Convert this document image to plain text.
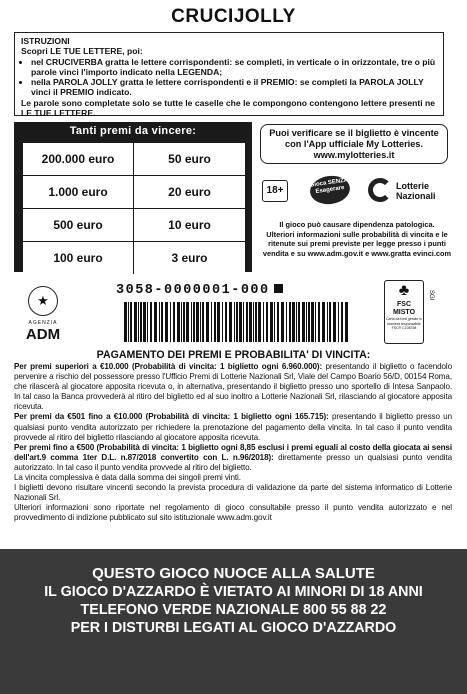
CRUCIJOLLY
ISTRUZIONI
Scopri LE TUE LETTERE, poi:
• nel CRUCIVERBA gratta le lettere corrispondenti: se completi, in verticale o in orizzontale, tre o più parole vinci l'importo indicato nella LEGENDA;
• nella PAROLA JOLLY gratta le lettere corrispondenti e il PREMIO: se completi la PAROLA JOLLY vinci il PREMIO indicato.
Le parole sono completate solo se tutte le caselle che le compongono contengono lettere presenti ne LE TUE LETTERE.
Tanti premi da vincere:
200.000 euro	50 euro
1.000 euro	20 euro
500 euro	10 euro
100 euro	3 euro
Puoi verificare se il biglietto è vincente
con l'App ufficiale My Lotteries.
www.mylotteries.it
18+
Gioca SENZA Esagerare	Lotterie
Nazionali
Il gioco può causare dipendenza patologica.
Ulteriori informazioni sulle probabilità di vincita e le ritenute sui premi previste per legge presso i punti vendita e su www.adm.gov.it e www.gratta evinci.com
★
AGENZIA
ADM
3058-0000001-000	♣
FSC
MISTO
Carta da fonti gestite in maniera responsabile
FSC® C108758
SGI
PAGAMENTO DEI PREMI E PROBABILITA' DI VINCITA:

Per premi superiori a €10.000 (Probabilità di vincita: 1 biglietto ogni 6.960.000): presentando il biglietto o facendolo pervenire a rischio del possessore presso l'Ufficio Premi di Lotterie Nazionali Srl, Viale del Campo Boario 56/D, 00154 Roma, che rilascerà al giocatore apposita ricevuta o, in alternativa, presentando il biglietto presso uno sportello di Intesa Sanpaolo. In tal caso la Banca provvederà al ritiro del biglietto ed al suo inoltro a Lotterie Nazionali Srl, rilasciando al giocatore apposita ricevuta.

Per premi da €501 fino a €10.000 (Probabilità di vincita: 1 biglietto ogni 165.715): presentando il biglietto presso un qualsiasi punto vendita autorizzato per richiedere la prenotazione del pagamento della vincita. In tal caso il punto vendita provvede al ritiro del biglietto rilasciando al giocatore apposita ricevuta.

Per premi fino a €500 (Probabilità di vincita: 1 biglietto ogni 8,85 esclusi i premi eguali al costo della giocata ai sensi dell'art.9 comma 1ter D.L. n.87/2018 convertito con L. n.96/2018): direttamente presso un qualsiasi punto vendita autorizzato. In tal caso il punto vendita provvede al ritiro del biglietto.

La vincita complessiva è data dalla somma dei singoli premi vinti.

I biglietti devono risultare vincenti secondo la prevista procedura di validazione da parte del sistema informatico di Lotterie Nazionali Srl.

Ulteriori informazioni sono riportate nel regolamento di gioco consultabile presso il punto vendita autorizzato e nel provvedimento di indizione pubblicato sul sito istituzionale www.adm.gov.it

QUESTO GIOCO NUOCE ALLA SALUTE
IL GIOCO D'AZZARDO È VIETATO AI MINORI DI 18 ANNI
TELEFONO VERDE NAZIONALE 800 55 88 22
PER I DISTURBI LEGATI AL GIOCO D'AZZARDO
